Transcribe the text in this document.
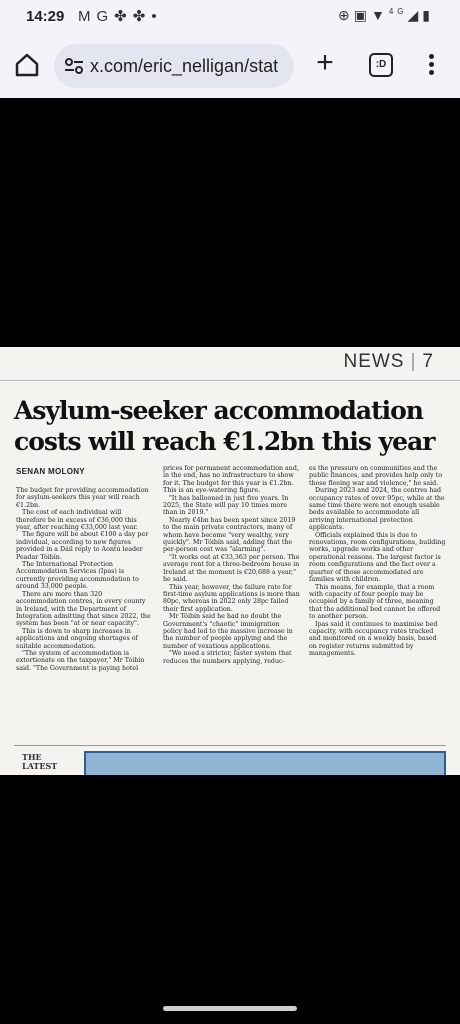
14:29 MG✤✤•	⊕▣▼$^{4G}$◢▮
x.com/eric_nelligan/stat +	:D
NEWS | 7
Asylum-seeker accommodation costs will reach €1.2bn this year
SENAN MOLONY

The budget for providing accommodation for asylum-seekers this year will reach €1.2bn.

The cost of each individual will therefore be in excess of €36,000 this year, after reaching €33,000 last year.

The figure will be about €100 a day per individual, according to new figures provided in a Dáil reply to Aontú leader Peadar Tóibín.

The International Protection Accommodation Services (Ipas) is currently providing accommodation to around 33,000 people.

There are more than 320 accommodation centres, in every county in Ireland, with the Department of Integration admitting that since 2022, the system has been "at or near capacity".

This is down to sharp increases in applications and ongoing shortages of suitable accommodation.

"The system of accommodation is extortionate on the taxpayer," Mr Tóibín said. "The Government is paying hotel

prices for permanent accommodation and, in the end, has no infrastructure to show for it. The budget for this year is €1.2bn. This is an eye-watering figure.

"It has ballooned in just five years. In 2025, the State will pay 10 times more than in 2019."

Nearly €4bn has been spent since 2019 to the main private contractors, many of whom have become "very wealthy, very quickly". Mr Tóibín said, adding that the per-person cost was "alarming".

"It works out at €33,363 per person. The average rent for a three-bedroom house in Ireland at the moment is €20,688 a year," he said.

This year, however, the failure rate for first-time asylum applications is more than 80pc, whereas in 2022 only 28pc failed their first application.

Mr Tóibín said he had no doubt the Government's "chaotic" immigration policy had led to the massive increase in the number of people applying and the number of vexatious applications.

"We need a stricter, faster system that reduces the numbers applying, reduc-

es the pressure on communities and the public finances, and provides help only to those fleeing war and violence," he said.

During 2023 and 2024, the centres had occupancy rates of over 95pc, while at the same time there were not enough usable beds available to accommodate all arriving international protection applicants.

Officials explained this is due to renovations, room configurations, building works, upgrade works and other operational reasons. The largest factor is room configurations and the fact over a quarter of those accommodated are families with children.

This means, for example, that a room with capacity of four people may be occupied by a family of three, meaning that the additional bed cannot be offered to another person.

Ipas said it continues to maximise bed capacity, with occupancy rates tracked and monitored on a weekly basis, based on register returns submitted by managements.

THE
LATEST
